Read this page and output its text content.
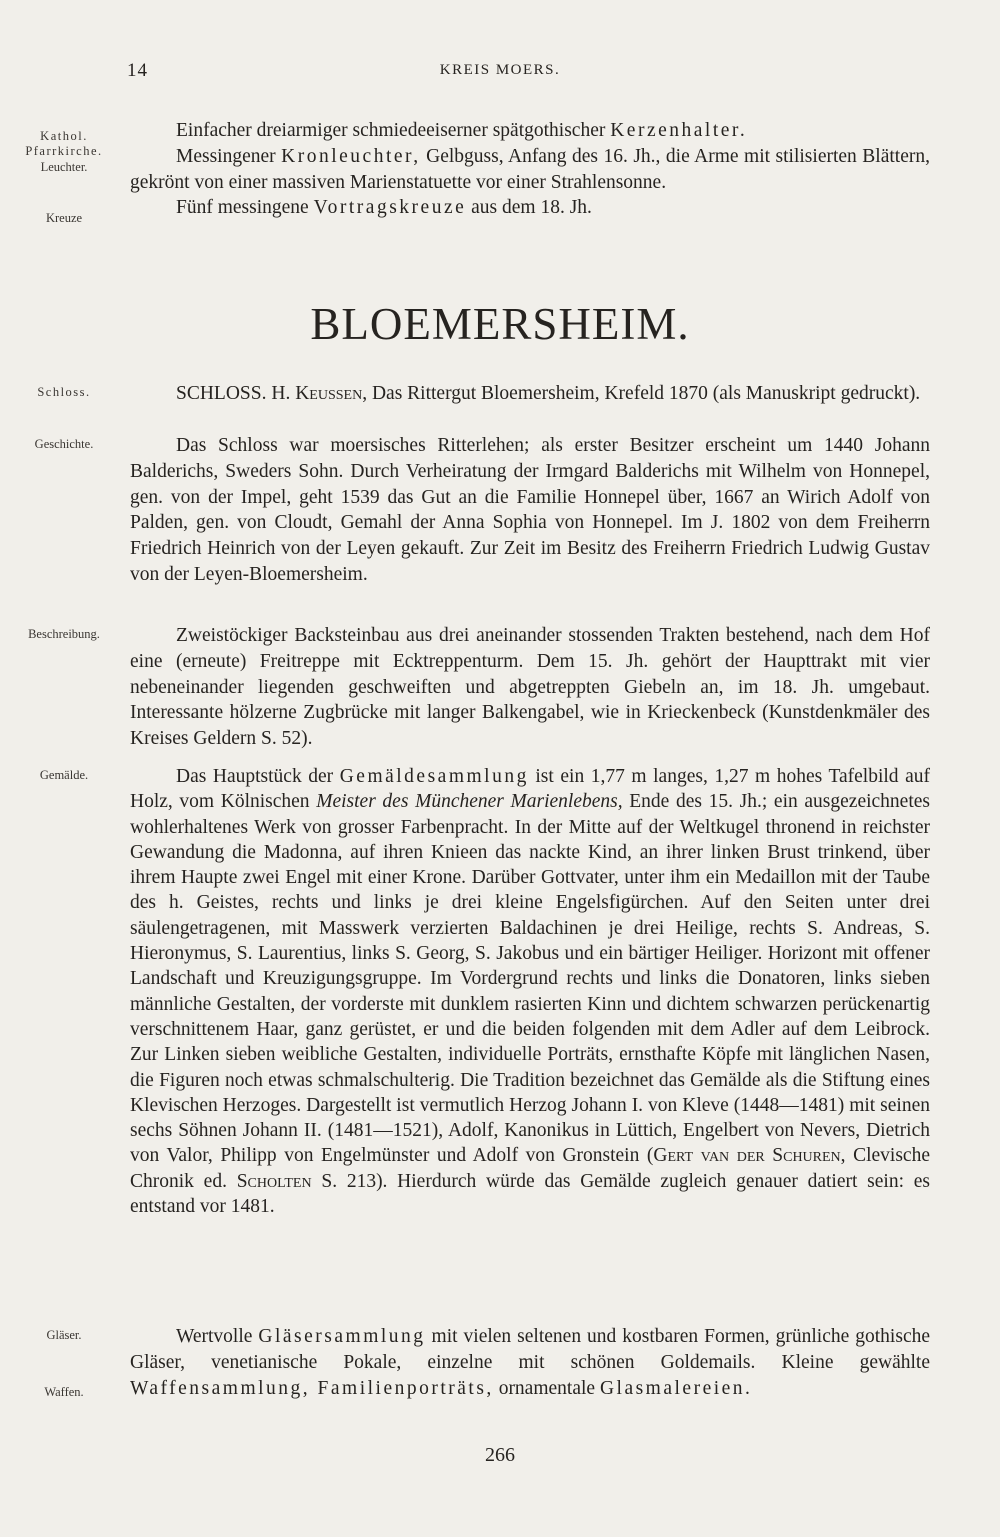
14	KREIS MOERS.
Kathol.
Pfarrkirche.
Leuchter.
Kreuze
Schloss.
Geschichte.
Beschreibung.
Gemälde.
Gläser.
Waffen.

Einfacher dreiarmiger schmiedeeiserner spätgothischer Kerzenhalter.

Messingener Kronleuchter, Gelbguss, Anfang des 16. Jh., die Arme mit stilisierten Blättern, gekrönt von einer massiven Marienstatuette vor einer Strahlensonne.

Fünf messingene Vortragskreuze aus dem 18. Jh.

BLOEMERSHEIM.

SCHLOSS. H. Keussen, Das Rittergut Bloemersheim, Krefeld 1870 (als Manuskript gedruckt).

Das Schloss war moersisches Ritterlehen; als erster Besitzer erscheint um 1440 Johann Balderichs, Sweders Sohn. Durch Verheiratung der Irmgard Balderichs mit Wilhelm von Honnepel, gen. von der Impel, geht 1539 das Gut an die Familie Honnepel über, 1667 an Wirich Adolf von Palden, gen. von Cloudt, Gemahl der Anna Sophia von Honnepel. Im J. 1802 von dem Freiherrn Friedrich Heinrich von der Leyen gekauft. Zur Zeit im Besitz des Freiherrn Friedrich Ludwig Gustav von der Leyen-Bloemersheim.

Zweistöckiger Backsteinbau aus drei aneinander stossenden Trakten bestehend, nach dem Hof eine (erneute) Freitreppe mit Ecktreppenturm. Dem 15. Jh. gehört der Haupttrakt mit vier nebeneinander liegenden geschweiften und abgetreppten Giebeln an, im 18. Jh. umgebaut. Interessante hölzerne Zugbrücke mit langer Balkengabel, wie in Krieckenbeck (Kunstdenkmäler des Kreises Geldern S. 52).

Das Hauptstück der Gemäldesammlung ist ein 1,77 m langes, 1,27 m hohes Tafelbild auf Holz, vom Kölnischen Meister des Münchener Marienlebens, Ende des 15. Jh.; ein ausgezeichnetes wohlerhaltenes Werk von grosser Farbenpracht. In der Mitte auf der Weltkugel thronend in reichster Gewandung die Madonna, auf ihren Knieen das nackte Kind, an ihrer linken Brust trinkend, über ihrem Haupte zwei Engel mit einer Krone. Darüber Gottvater, unter ihm ein Medaillon mit der Taube des h. Geistes, rechts und links je drei kleine Engelsfigürchen. Auf den Seiten unter drei säulengetragenen, mit Masswerk verzierten Baldachinen je drei Heilige, rechts S. Andreas, S. Hieronymus, S. Laurentius, links S. Georg, S. Jakobus und ein bärtiger Heiliger. Horizont mit offener Landschaft und Kreuzigungsgruppe. Im Vordergrund rechts und links die Donatoren, links sieben männliche Gestalten, der vorderste mit dunklem rasierten Kinn und dichtem schwarzen perückenartig verschnittenem Haar, ganz gerüstet, er und die beiden folgenden mit dem Adler auf dem Leibrock. Zur Linken sieben weibliche Gestalten, individuelle Porträts, ernsthafte Köpfe mit länglichen Nasen, die Figuren noch etwas schmalschulterig. Die Tradition bezeichnet das Gemälde als die Stiftung eines Klevischen Herzoges. Dargestellt ist vermutlich Herzog Johann I. von Kleve (1448—1481) mit seinen sechs Söhnen Johann II. (1481—1521), Adolf, Kanonikus in Lüttich, Engelbert von Nevers, Dietrich von Valor, Philipp von Engelmünster und Adolf von Gronstein (Gert van der Schuren, Clevische Chronik ed. Scholten S. 213). Hierdurch würde das Gemälde zugleich genauer datiert sein: es entstand vor 1481.

Wertvolle Gläsersammlung mit vielen seltenen und kostbaren Formen, grünliche gothische Gläser, venetianische Pokale, einzelne mit schönen Goldemails. Kleine gewählte Waffensammlung, Familienporträts, ornamentale Glasmalereien.

266
